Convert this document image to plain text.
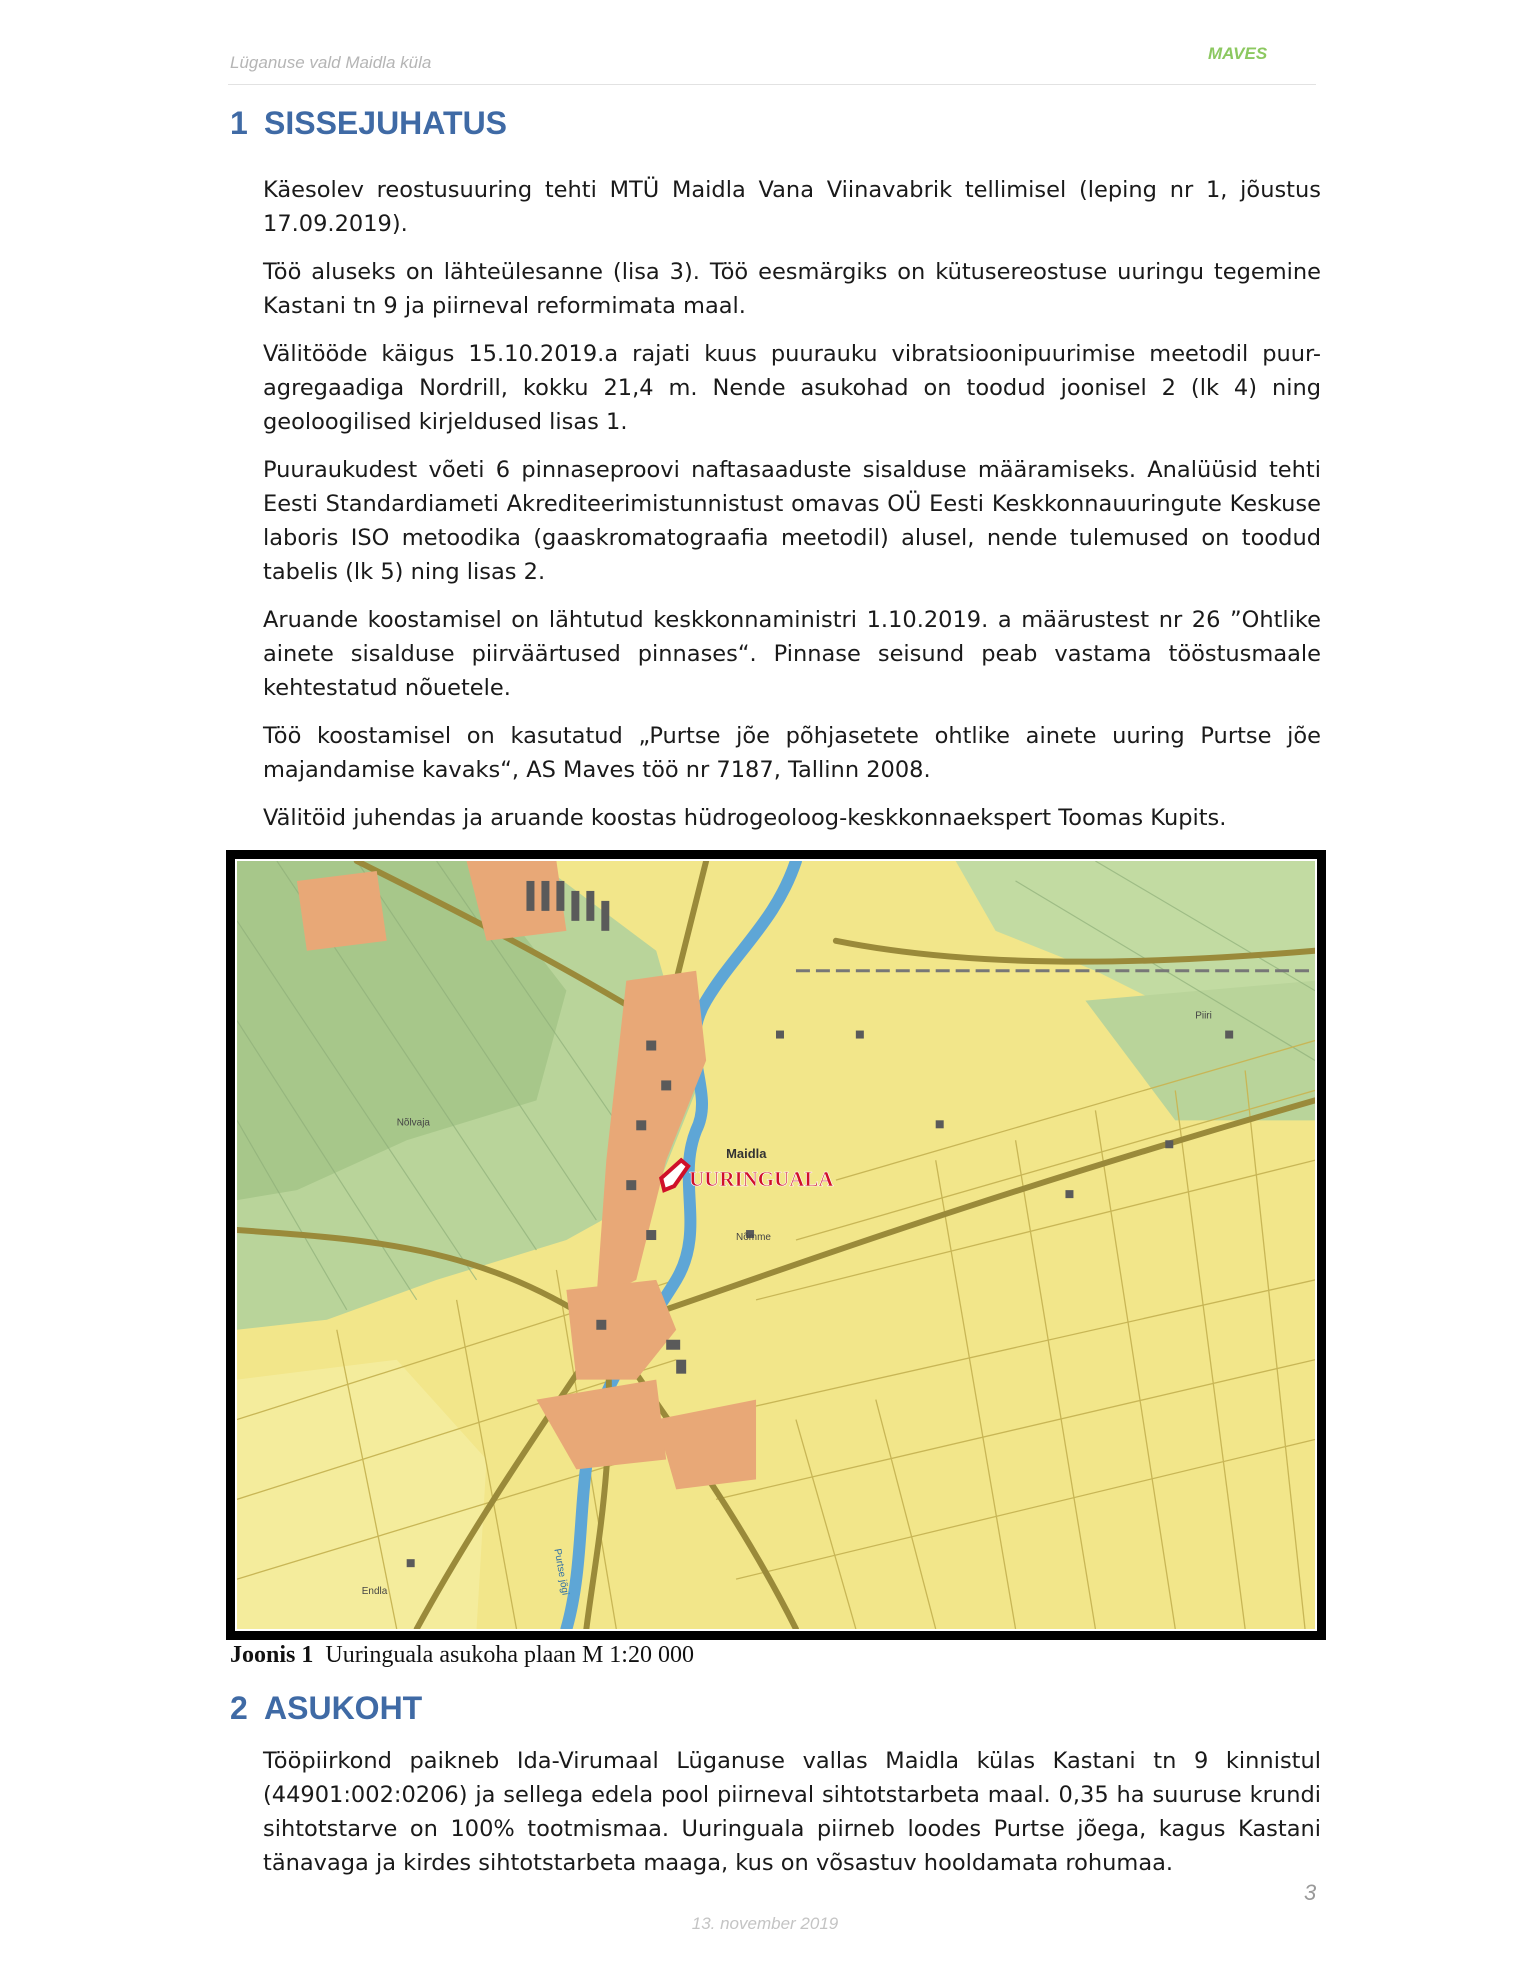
Lüganuse vald Maidla küla	MAVES
1 SISSEJUHATUS

Käesolev reostusuuring tehti MTÜ Maidla Vana Viinavabrik tellimisel (leping nr 1, jõustus 17.09.2019).

Töö aluseks on lähteülesanne (lisa 3). Töö eesmärgiks on kütusereostuse uuringu tegemine Kastani tn 9 ja piirneval reformimata maal.

Välitööde käigus 15.10.2019.a rajati kuus puurauku vibratsioonipuurimise meetodil puur-agregaadiga Nordrill, kokku 21,4 m. Nende asukohad on toodud joonisel 2 (lk 4) ning geoloogilised kirjeldused lisas 1.

Puuraukudest võeti 6 pinnaseproovi naftasaaduste sisalduse määramiseks. Analüüsid tehti Eesti Standardiameti Akrediteerimistunnistust omavas OÜ Eesti Keskkonnauuringute Keskuse laboris ISO metoodika (gaaskromatograafia meetodil) alusel, nende tulemused on toodud tabelis (lk 5) ning lisas 2.

Aruande koostamisel on lähtutud keskkonnaministri 1.10.2019. a määrustest nr 26 ”Ohtlike ainete sisalduse piirväärtused pinnases“. Pinnase seisund peab vastama tööstusmaale kehtestatud nõuetele.

Töö koostamisel on kasutatud „Purtse jõe põhjasetete ohtlike ainete uuring Purtse jõe majandamise kavaks“, AS Maves töö nr 7187, Tallinn 2008.

Välitöid juhendas ja aruande koostas hüdrogeoloog-keskkonnaekspert Toomas Kupits.

Maidla
UURINGUALA
Nõlvaja
Nõmme
Endla
Piiri
Purtse jõgi
Joonis 1 Uuringuala asukoha plaan M 1:20 000
2 ASUKOHT

Tööpiirkond paikneb Ida-Virumaal Lüganuse vallas Maidla külas Kastani tn 9 kinnistul (44901:002:0206) ja sellega edela pool piirneval sihtotstarbeta maal. 0,35 ha suuruse krundi sihtotstarve on 100% tootmismaa. Uuringuala piirneb loodes Purtse jõega, kagus Kastani tänavaga ja kirdes sihtotstarbeta maaga, kus on võsastuv hooldamata rohumaa.

3
13. november 2019
